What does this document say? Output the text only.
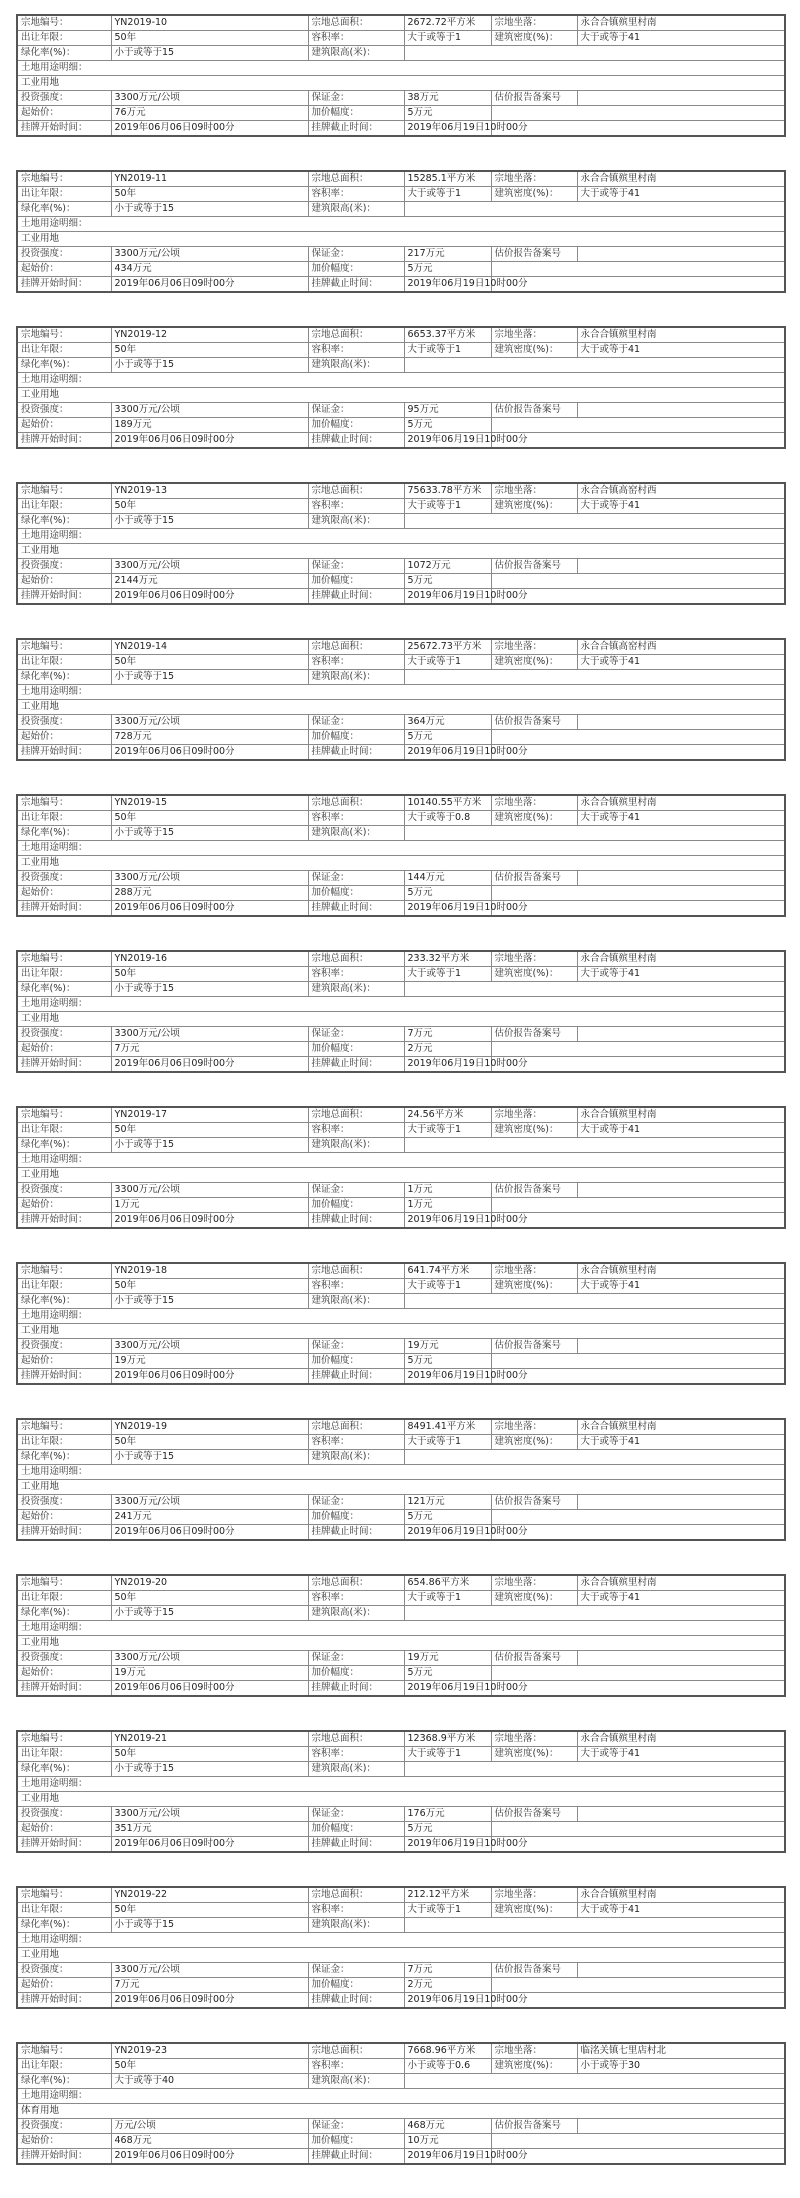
宗地编号：	YN2019-10	宗地总面积：	2672.72平方米	宗地坐落：	永合合镇殡里村南
出让年限：	50年	容积率：	大于或等于1	建筑密度(%)：	大于或等于41
绿化率(%)：	小于或等于15	建筑限高(米)：			
土地用途明细：					
工业用地					
投资强度：	3300万元/公顷	保证金：	38万元	估价报告备案号	
起始价：	76万元	加价幅度：	5万元		
挂牌开始时间：	2019年06月06日09时00分	挂牌截止时间：	2019年06月19日10时00分		
宗地编号：	YN2019-11	宗地总面积：	15285.1平方米	宗地坐落：	永合合镇殡里村南
出让年限：	50年	容积率：	大于或等于1	建筑密度(%)：	大于或等于41
绿化率(%)：	小于或等于15	建筑限高(米)：			
土地用途明细：					
工业用地					
投资强度：	3300万元/公顷	保证金：	217万元	估价报告备案号	
起始价：	434万元	加价幅度：	5万元		
挂牌开始时间：	2019年06月06日09时00分	挂牌截止时间：	2019年06月19日10时00分		
宗地编号：	YN2019-12	宗地总面积：	6653.37平方米	宗地坐落：	永合合镇殡里村南
出让年限：	50年	容积率：	大于或等于1	建筑密度(%)：	大于或等于41
绿化率(%)：	小于或等于15	建筑限高(米)：			
土地用途明细：					
工业用地					
投资强度：	3300万元/公顷	保证金：	95万元	估价报告备案号	
起始价：	189万元	加价幅度：	5万元		
挂牌开始时间：	2019年06月06日09时00分	挂牌截止时间：	2019年06月19日10时00分		
宗地编号：	YN2019-13	宗地总面积：	75633.78平方米	宗地坐落：	永合合镇高窑村西
出让年限：	50年	容积率：	大于或等于1	建筑密度(%)：	大于或等于41
绿化率(%)：	小于或等于15	建筑限高(米)：			
土地用途明细：					
工业用地					
投资强度：	3300万元/公顷	保证金：	1072万元	估价报告备案号	
起始价：	2144万元	加价幅度：	5万元		
挂牌开始时间：	2019年06月06日09时00分	挂牌截止时间：	2019年06月19日10时00分		
宗地编号：	YN2019-14	宗地总面积：	25672.73平方米	宗地坐落：	永合合镇高窑村西
出让年限：	50年	容积率：	大于或等于1	建筑密度(%)：	大于或等于41
绿化率(%)：	小于或等于15	建筑限高(米)：			
土地用途明细：					
工业用地					
投资强度：	3300万元/公顷	保证金：	364万元	估价报告备案号	
起始价：	728万元	加价幅度：	5万元		
挂牌开始时间：	2019年06月06日09时00分	挂牌截止时间：	2019年06月19日10时00分		
宗地编号：	YN2019-15	宗地总面积：	10140.55平方米	宗地坐落：	永合合镇殡里村南
出让年限：	50年	容积率：	大于或等于0.8	建筑密度(%)：	大于或等于41
绿化率(%)：	小于或等于15	建筑限高(米)：			
土地用途明细：					
工业用地					
投资强度：	3300万元/公顷	保证金：	144万元	估价报告备案号	
起始价：	288万元	加价幅度：	5万元		
挂牌开始时间：	2019年06月06日09时00分	挂牌截止时间：	2019年06月19日10时00分		
宗地编号：	YN2019-16	宗地总面积：	233.32平方米	宗地坐落：	永合合镇殡里村南
出让年限：	50年	容积率：	大于或等于1	建筑密度(%)：	大于或等于41
绿化率(%)：	小于或等于15	建筑限高(米)：			
土地用途明细：					
工业用地					
投资强度：	3300万元/公顷	保证金：	7万元	估价报告备案号	
起始价：	7万元	加价幅度：	2万元		
挂牌开始时间：	2019年06月06日09时00分	挂牌截止时间：	2019年06月19日10时00分		
宗地编号：	YN2019-17	宗地总面积：	24.56平方米	宗地坐落：	永合合镇殡里村南
出让年限：	50年	容积率：	大于或等于1	建筑密度(%)：	大于或等于41
绿化率(%)：	小于或等于15	建筑限高(米)：			
土地用途明细：					
工业用地					
投资强度：	3300万元/公顷	保证金：	1万元	估价报告备案号	
起始价：	1万元	加价幅度：	1万元		
挂牌开始时间：	2019年06月06日09时00分	挂牌截止时间：	2019年06月19日10时00分		
宗地编号：	YN2019-18	宗地总面积：	641.74平方米	宗地坐落：	永合合镇殡里村南
出让年限：	50年	容积率：	大于或等于1	建筑密度(%)：	大于或等于41
绿化率(%)：	小于或等于15	建筑限高(米)：			
土地用途明细：					
工业用地					
投资强度：	3300万元/公顷	保证金：	19万元	估价报告备案号	
起始价：	19万元	加价幅度：	5万元		
挂牌开始时间：	2019年06月06日09时00分	挂牌截止时间：	2019年06月19日10时00分		
宗地编号：	YN2019-19	宗地总面积：	8491.41平方米	宗地坐落：	永合合镇殡里村南
出让年限：	50年	容积率：	大于或等于1	建筑密度(%)：	大于或等于41
绿化率(%)：	小于或等于15	建筑限高(米)：			
土地用途明细：					
工业用地					
投资强度：	3300万元/公顷	保证金：	121万元	估价报告备案号	
起始价：	241万元	加价幅度：	5万元		
挂牌开始时间：	2019年06月06日09时00分	挂牌截止时间：	2019年06月19日10时00分		
宗地编号：	YN2019-20	宗地总面积：	654.86平方米	宗地坐落：	永合合镇殡里村南
出让年限：	50年	容积率：	大于或等于1	建筑密度(%)：	大于或等于41
绿化率(%)：	小于或等于15	建筑限高(米)：			
土地用途明细：					
工业用地					
投资强度：	3300万元/公顷	保证金：	19万元	估价报告备案号	
起始价：	19万元	加价幅度：	5万元		
挂牌开始时间：	2019年06月06日09时00分	挂牌截止时间：	2019年06月19日10时00分		
宗地编号：	YN2019-21	宗地总面积：	12368.9平方米	宗地坐落：	永合合镇殡里村南
出让年限：	50年	容积率：	大于或等于1	建筑密度(%)：	大于或等于41
绿化率(%)：	小于或等于15	建筑限高(米)：			
土地用途明细：					
工业用地					
投资强度：	3300万元/公顷	保证金：	176万元	估价报告备案号	
起始价：	351万元	加价幅度：	5万元		
挂牌开始时间：	2019年06月06日09时00分	挂牌截止时间：	2019年06月19日10时00分		
宗地编号：	YN2019-22	宗地总面积：	212.12平方米	宗地坐落：	永合合镇殡里村南
出让年限：	50年	容积率：	大于或等于1	建筑密度(%)：	大于或等于41
绿化率(%)：	小于或等于15	建筑限高(米)：			
土地用途明细：					
工业用地					
投资强度：	3300万元/公顷	保证金：	7万元	估价报告备案号	
起始价：	7万元	加价幅度：	2万元		
挂牌开始时间：	2019年06月06日09时00分	挂牌截止时间：	2019年06月19日10时00分		
宗地编号：	YN2019-23	宗地总面积：	7668.96平方米	宗地坐落：	临洺关镇七里店村北
出让年限：	50年	容积率：	小于或等于0.6	建筑密度(%)：	小于或等于30
绿化率(%)：	大于或等于40	建筑限高(米)：			
土地用途明细：					
体育用地					
投资强度：	万元/公顷	保证金：	468万元	估价报告备案号	
起始价：	468万元	加价幅度：	10万元		
挂牌开始时间：	2019年06月06日09时00分	挂牌截止时间：	2019年06月19日10时00分		
